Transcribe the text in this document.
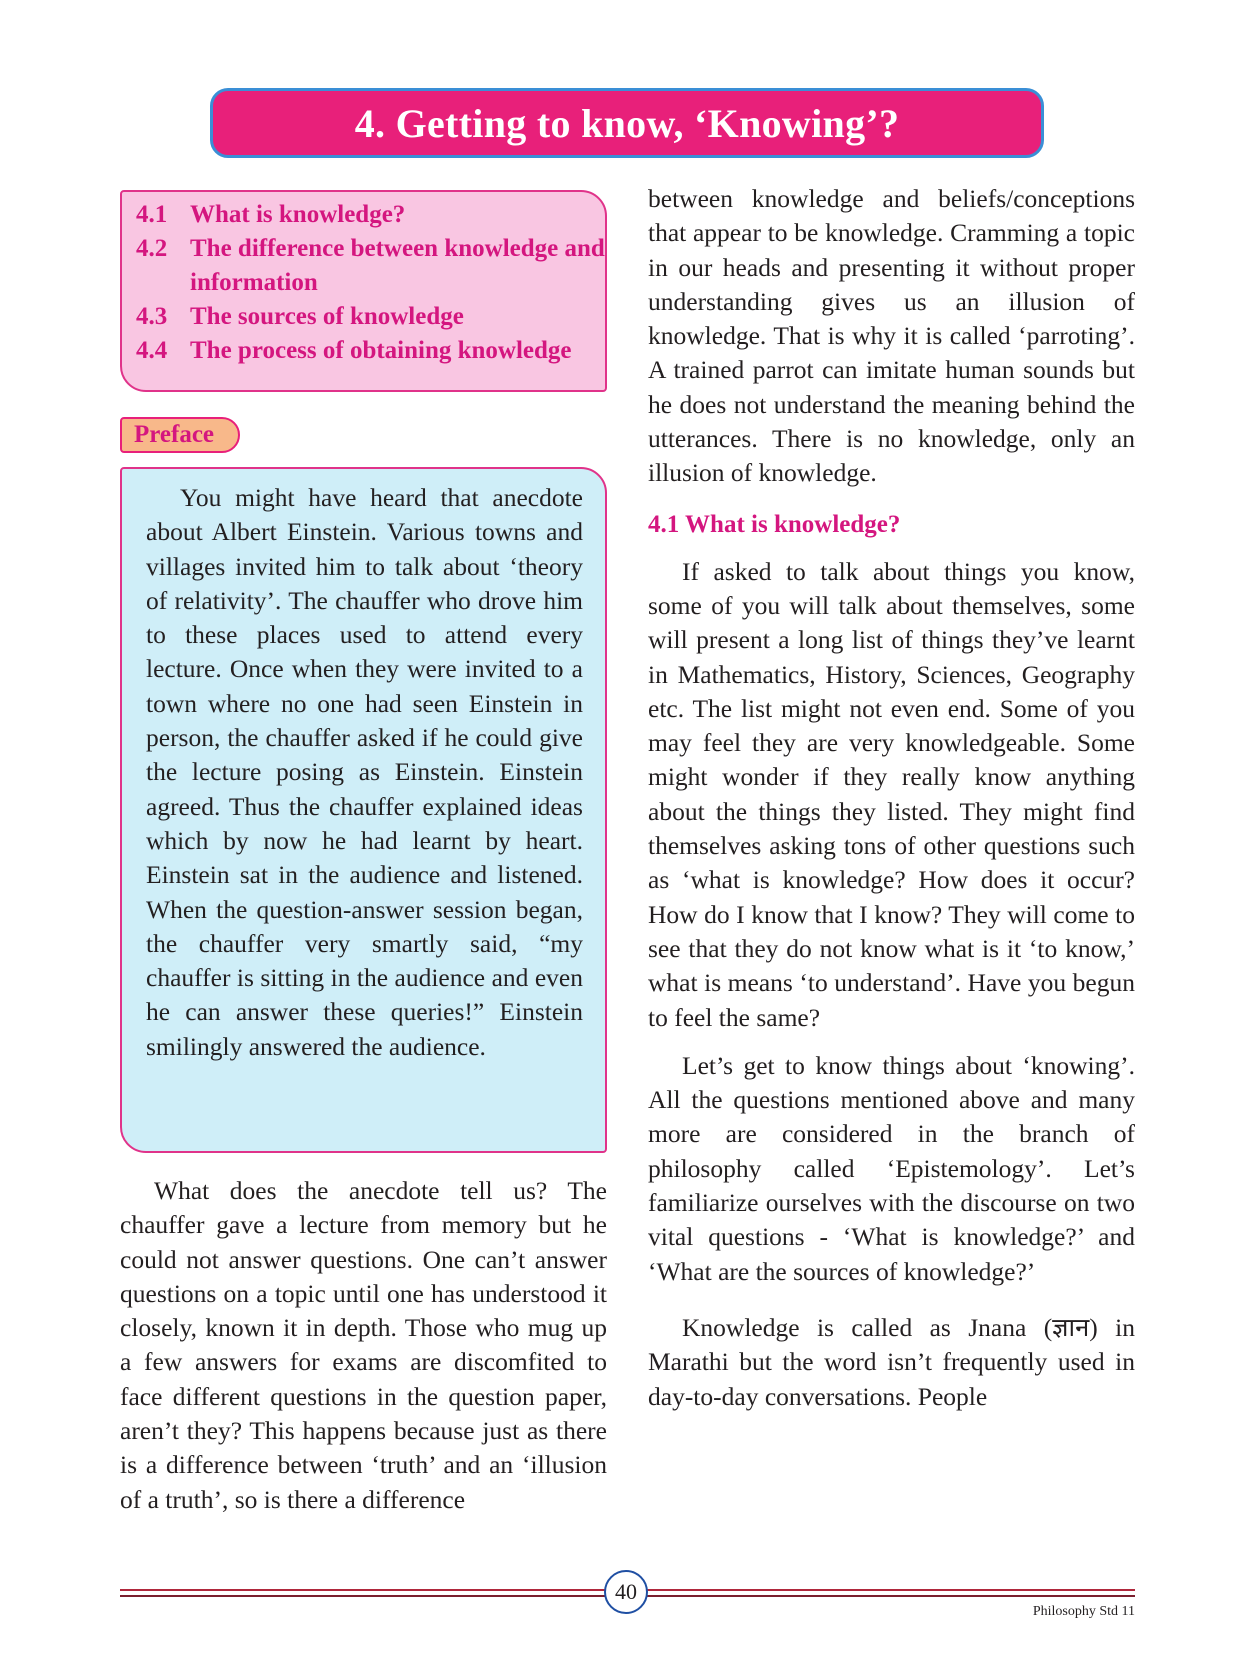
4. Getting to know, ‘Knowing’?
4.1 What is knowledge?
4.2 The difference between knowledge and information
4.3 The sources of knowledge
4.4 The process of obtaining knowledge
Preface

You might have heard that anecdote about Albert Einstein. Various towns and villages invited him to talk about ‘theory of relativity’. The chauffer who drove him to these places used to attend every lecture. Once when they were invited to a town where no one had seen Einstein in person, the chauffer asked if he could give the lecture posing as Einstein. Einstein agreed. Thus the chauffer explained ideas which by now he had learnt by heart. Einstein sat in the audience and listened. When the question-answer session began, the chauffer very smartly said, “my chauffer is sitting in the audience and even he can answer these queries!” Einstein smilingly answered the audience.

What does the anecdote tell us? The chauffer gave a lecture from memory but he could not answer questions. One can’t answer questions on a topic until one has understood it closely, known it in depth. Those who mug up a few answers for exams are discomfited to face different questions in the question paper, aren’t they? This happens because just as there is a difference between ‘truth’ and an ‘illusion of a truth’, so is there a difference

between knowledge and beliefs/conceptions that appear to be knowledge. Cramming a topic in our heads and presenting it without proper understanding gives us an illusion of knowledge. That is why it is called ‘parroting’. A trained parrot can imitate human sounds but he does not understand the meaning behind the utterances. There is no knowledge, only an illusion of knowledge.

4.1 What is knowledge?

If asked to talk about things you know, some of you will talk about themselves, some will present a long list of things they’ve learnt in Mathematics, History, Sciences, Geography etc. The list might not even end. Some of you may feel they are very knowledgeable. Some might wonder if they really know anything about the things they listed. They might find themselves asking tons of other questions such as ‘what is knowledge? How does it occur? How do I know that I know? They will come to see that they do not know what is it ‘to know,’ what is means ‘to understand’. Have you begun to feel the same?

Let’s get to know things about ‘knowing’. All the questions mentioned above and many more are considered in the branch of philosophy called ‘Epistemology’. Let’s familiarize ourselves with the discourse on two vital questions - ‘What is knowledge?’ and ‘What are the sources of knowledge?’

Knowledge is called as Jnana (ज्ञान) in Marathi but the word isn’t frequently used in day-to-day conversations. People

40
Philosophy Std 11
